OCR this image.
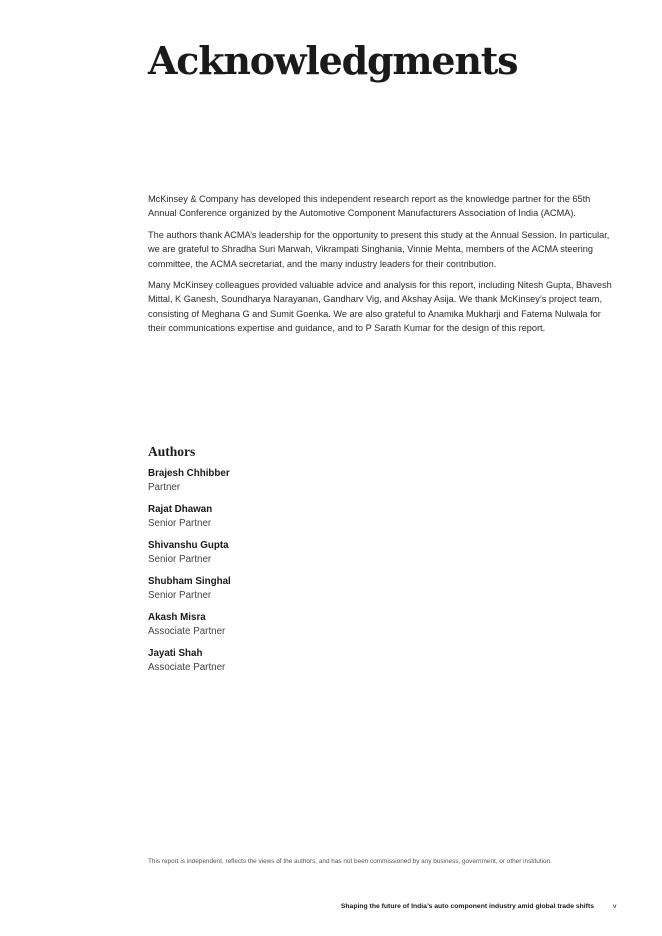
Acknowledgments

McKinsey & Company has developed this independent research report as the knowledge partner for the 65th Annual Conference organized by the Automotive Component Manufacturers Association of India (ACMA).

The authors thank ACMA’s leadership for the opportunity to present this study at the Annual Session. In particular, we are grateful to Shradha Suri Marwah, Vikrampati Singhania, Vinnie Mehta, members of the ACMA steering committee, the ACMA secretariat, and the many industry leaders for their contribution.

Many McKinsey colleagues provided valuable advice and analysis for this report, including Nitesh Gupta, Bhavesh Mittal, K Ganesh, Soundharya Narayanan, Gandharv Vig, and Akshay Asija. We thank McKinsey’s project team, consisting of Meghana G and Sumit Goenka. We are also grateful to Anamika Mukharji and Fatema Nulwala for their communications expertise and guidance, and to P Sarath Kumar for the design of this report.

Authors
Brajesh Chhibber
Partner
Rajat Dhawan
Senior Partner
Shivanshu Gupta
Senior Partner
Shubham Singhal
Senior Partner
Akash Misra
Associate Partner
Jayati Shah
Associate Partner
This report is independent, reflects the views of the authors, and has not been commissioned by any business, government, or other institution.
Shaping the future of India’s auto component industry amid global trade shifts	v
